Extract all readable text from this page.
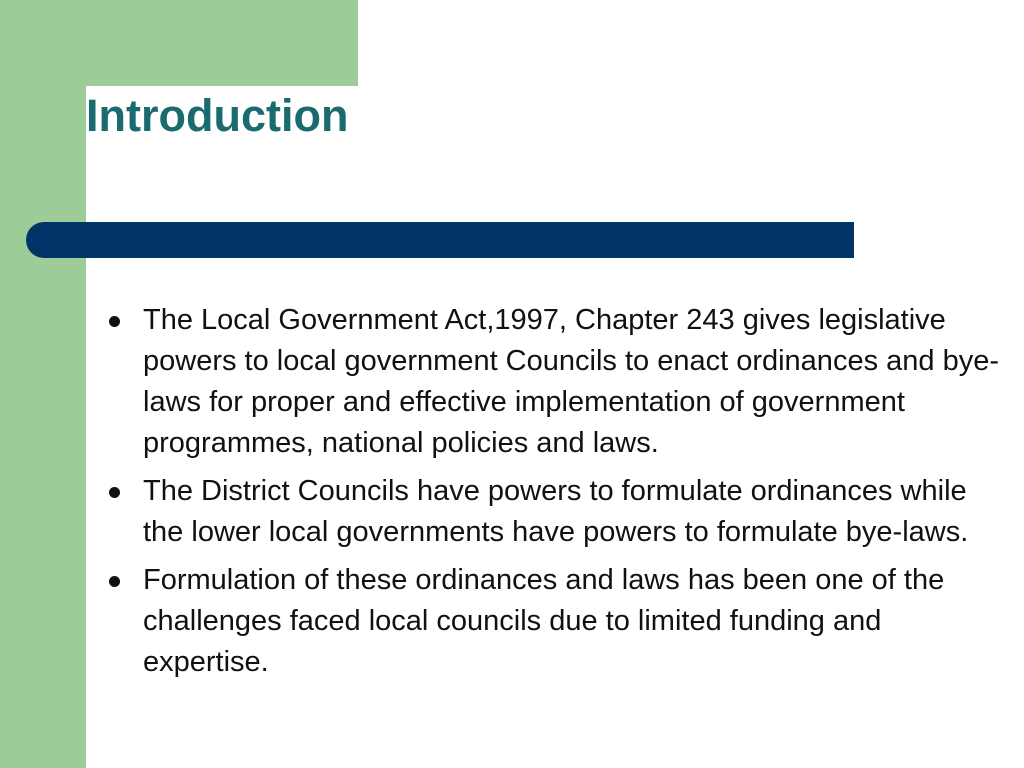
Introduction
The Local Government Act,1997, Chapter 243 gives legislative powers to local government Councils to enact ordinances and bye-laws for proper and effective implementation of government programmes, national policies and laws.
The District Councils have powers to formulate ordinances while the lower local governments have powers to formulate bye-laws.
Formulation of these ordinances and laws has been one of the challenges faced local councils due to limited funding and expertise.
